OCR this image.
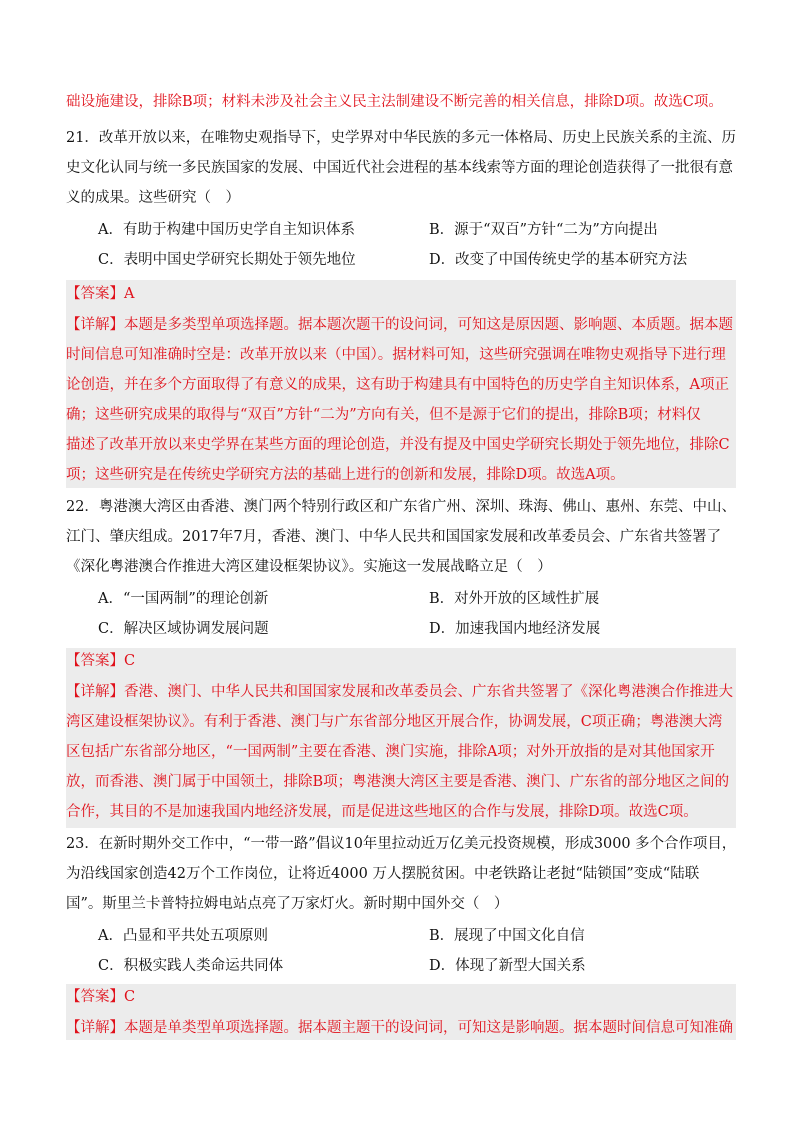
础设施建设，排除B项；材料未涉及社会主义民主法制建设不断完善的相关信息，排除D项。故选C项。
21．改革开放以来，在唯物史观指导下，史学界对中华民族的多元一体格局、历史上民族关系的主流、历
史文化认同与统一多民族国家的发展、中国近代社会进程的基本线索等方面的理论创造获得了一批很有意
义的成果。这些研究（　）
A．有助于构建中国历史学自主知识体系	B．源于“双百”方针“二为”方向提出
C．表明中国史学研究长期处于领先地位	D．改变了中国传统史学的基本研究方法
【答案】A
【详解】本题是多类型单项选择题。据本题次题干的设问词，可知这是原因题、影响题、本质题。据本题
时间信息可知准确时空是：改革开放以来（中国）。据材料可知，这些研究强调在唯物史观指导下进行理
论创造，并在多个方面取得了有意义的成果，这有助于构建具有中国特色的历史学自主知识体系，A项正
确；这些研究成果的取得与“双百”方针“二为”方向有关，但不是源于它们的提出，排除B项；材料仅
描述了改革开放以来史学界在某些方面的理论创造，并没有提及中国史学研究长期处于领先地位，排除C
项；这些研究是在传统史学研究方法的基础上进行的创新和发展，排除D项。故选A项。
22．粤港澳大湾区由香港、澳门两个特别行政区和广东省广州、深圳、珠海、佛山、惠州、东莞、中山、
江门、肇庆组成。2017年7月，香港、澳门、中华人民共和国国家发展和改革委员会、广东省共签署了
《深化粤港澳合作推进大湾区建设框架协议》。实施这一发展战略立足（　）
A．“一国两制”的理论创新	B．对外开放的区域性扩展
C．解决区域协调发展问题	D．加速我国内地经济发展
【答案】C
【详解】香港、澳门、中华人民共和国国家发展和改革委员会、广东省共签署了《深化粤港澳合作推进大
湾区建设框架协议》。有利于香港、澳门与广东省部分地区开展合作，协调发展，C项正确；粤港澳大湾
区包括广东省部分地区，“一国两制”主要在香港、澳门实施，排除A项；对外开放指的是对其他国家开
放，而香港、澳门属于中国领土，排除B项；粤港澳大湾区主要是香港、澳门、广东省的部分地区之间的
合作，其目的不是加速我国内地经济发展，而是促进这些地区的合作与发展，排除D项。故选C项。
23．在新时期外交工作中，“一带一路”倡议10年里拉动近万亿美元投资规模，形成3000 多个合作项目，
为沿线国家创造42万个工作岗位，让将近4000 万人摆脱贫困。中老铁路让老挝“陆锁国”变成“陆联
国”。斯里兰卡普特拉姆电站点亮了万家灯火。新时期中国外交（　）
A．凸显和平共处五项原则	B．展现了中国文化自信
C．积极实践人类命运共同体	D．体现了新型大国关系
【答案】C
【详解】本题是单类型单项选择题。据本题主题干的设问词，可知这是影响题。据本题时间信息可知准确
